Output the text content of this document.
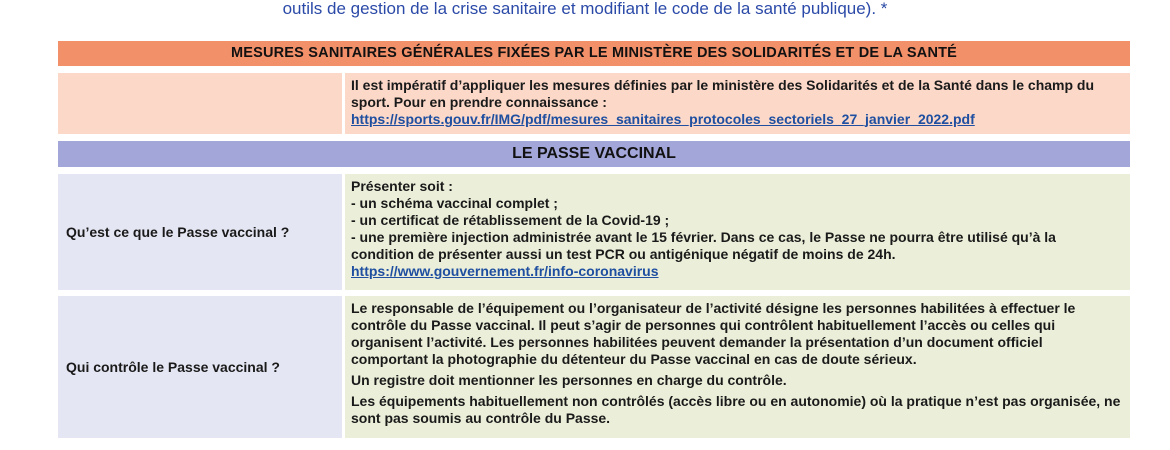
outils de gestion de la crise sanitaire et modifiant le code de la santé publique). *
MESURES SANITAIRES GÉNÉRALES FIXÉES PAR LE MINISTÈRE DES SOLIDARITÉS ET DE LA SANTÉ

Il est impératif d’appliquer les mesures définies par le ministère des Solidarités et de la Santé dans le champ du sport. Pour en prendre connaissance :

https://sports.gouv.fr/IMG/pdf/mesures_sanitaires_protocoles_sectoriels_27_janvier_2022.pdf
LE PASSE VACCINAL
Qu’est ce que le Passe vaccinal ?

Présenter soit :

- un schéma vaccinal complet ;

- un certificat de rétablissement de la Covid-19 ;

- une première injection administrée avant le 15 février. Dans ce cas, le Passe ne pourra être utilisé qu’à la condition de présenter aussi un test PCR ou antigénique négatif de moins de 24h.

https://www.gouvernement.fr/info-coronavirus
Qui contrôle le Passe vaccinal ?

Le responsable de l’équipement ou l’organisateur de l’activité désigne les personnes habilitées à effectuer le contrôle du Passe vaccinal. Il peut s’agir de personnes qui contrôlent habituellement l’accès ou celles qui organisent l’activité. Les personnes habilitées peuvent demander la présentation d’un document officiel comportant la photographie du détenteur du Passe vaccinal en cas de doute sérieux.

Un registre doit mentionner les personnes en charge du contrôle.

Les équipements habituellement non contrôlés (accès libre ou en autonomie) où la pratique n’est pas organisée, ne sont pas soumis au contrôle du Passe.
